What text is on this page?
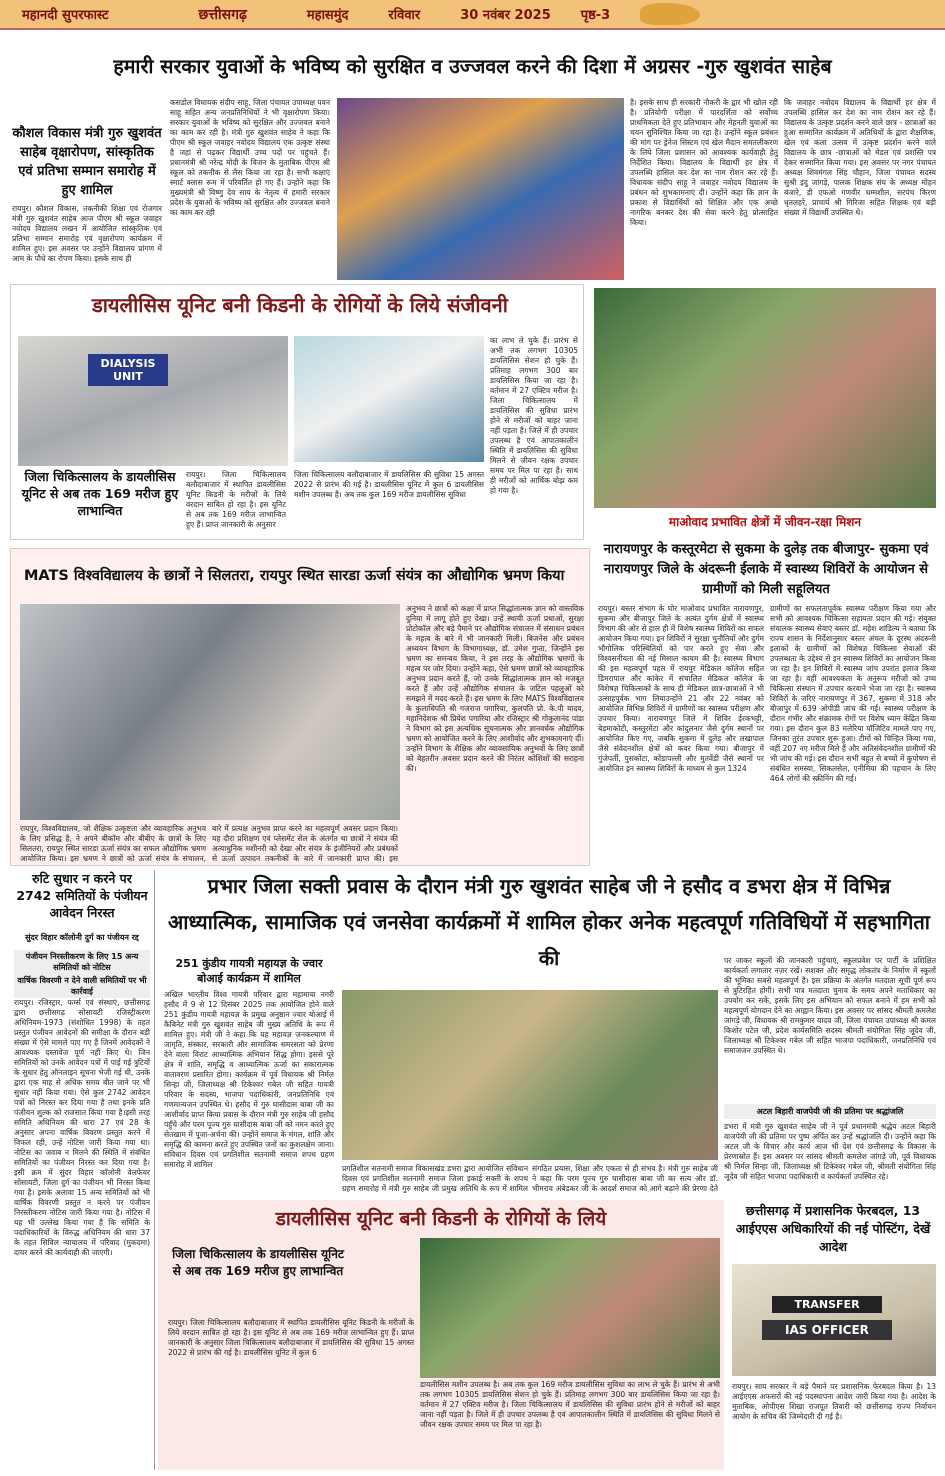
महानदी सुपरफास्ट	छत्तीसगढ़	महासमुंद	रविवार	30 नवंबर 2025 पृष्ठ-3
हमारी सरकार युवाओं के भविष्य को सुरक्षित व उज्जवल करने की दिशा में अग्रसर -गुरु खुशवंत साहेब
कौशल विकास मंत्री गुरु खुशवंत साहेब वृक्षारोपण, सांस्कृतिक एवं प्रतिभा सम्मान समारोह में हुए शामिल
रायपुर। कौशल विकास, तकनीकी शिक्षा एवं रोजगार मंत्री गुरु खुशवंत साहेब आज पीएम श्री स्कूल जवाहर नवोदय विद्यालय लखन में आयोजित सांस्कृतिक एवं प्रतिभा सम्मान समारोह एवं वृक्षारोपण कार्यक्रम में शामिल हुए। इस अवसर पर उन्होंने विद्यालय प्रांगण में आम के पौधे का रोपण किया। इसके साथ ही
कसडोल विधायक संदीप साहू, जिला पंचायत उपाध्यक्ष पवन साहू सहित अन्य जनप्रतिनिधियों ने भी वृक्षारोपण किया। सरकार युवाओं के भविष्य को सुरक्षित और उज्जवल बनाने का काम कर रही है। मंत्री गुरु खुशवंत साहेब ने कहा कि पीएम श्री स्कूल जवाहर नवोदय विद्यालय एक उत्कृष्ट संस्था है जहां से पढ़कर विद्यार्थी उच्च पदों पर पहुंचते हैं। प्रधानमंत्री श्री नरेन्द्र मोदी के विजन के मुताबिक पीएम श्री स्कूल को तकनीक से लैस किया जा रहा है। सभी कक्षाएं स्मार्ट क्लास रूम में परिवर्तित हो गए हैं। उन्होंने कहा कि मुख्यमंत्री श्री विष्णु देव साय के नेतृत्व में हमारी सरकार प्रदेश के युवाओं के भविष्य को सुरक्षित और उज्जवल बनाने का काम कर रही
है। इसके साथ ही सरकारी नौकरी के द्वार भी खोल रही है। प्रतियोगी परीक्षा में पारदर्शिता को सर्वोच्च प्राथमिकता देते हुए प्रतिभावान और मेहनती युवाओं का चयन सुनिश्चित किया जा रहा है। उन्होंने स्कूल प्रबंधन की मांग पर ड्रेनेज सिस्टम एवं खेल मैदान समतलीकरण के लिये जिला प्रशासन को आवश्यक कार्यवाही हेतु निर्देशित किया। विद्यालय के विद्यार्थी हर क्षेत्र में उपलब्धि हासिल कर देश का नाम रोशन कर रहे हैं। विधायक संदीप साहू ने जवाहर नवोदय विद्यालय के प्रबंधन को शुभकामनाएं दी। उन्होंने कहा कि ज्ञान के प्रकाश से विद्यार्थियों को शिक्षित और एक अच्छे नागरिक बनकर देश की सेवा करने हेतु प्रोत्साहित किया।
कि जवाहर नवोदय विद्यालय के विद्यार्थी हर क्षेत्र में उपलब्धि हासिल कर देश का नाम रोशन कर रहे हैं। विद्यालय के उत्कृष्ट प्रदर्शन करने वाले छात्र - छात्राओं का हुआ सम्मानित कार्यक्रम में अतिथियों के द्वारा शैक्षणिक, खेल एवं कला उत्सव में उत्कृष्ट प्रदर्शन करने वाले विद्यालय के छात्र -छात्राओं को मेडल एवं प्रशस्ति पत्र देकर सम्मानित किया गया। इस अवसर पर नगर पंचायत अध्यक्ष शिवमंगल सिंह चौहान, जिला पंचायत सदस्य सुश्री इंदु जांगड़े, पालक शिक्षक संघ के अध्यक्ष मोहन बंजारे, डी एफओ गणवीर धम्मशील, सरपंच किरण धृतलहरे, प्राचार्य श्री गिरिजा सहित शिक्षक एवं बड़ी संख्या में विद्यार्थी उपस्थित थे।
डायलीसिस यूनिट बनी किडनी के रोगियों के लिये संजीवनी
DIALYSIS UNIT
का लाभ ले चुके हैं। प्रारंभ से अभी तक लगभग 10305 डायलिसिस सेशन हो चुके हैं। प्रतिमाह लगभग 300 बार डायलिसिस किया जा रहा है। वर्तमान में 27 एक्टिव मरीज है। जिला चिकित्सालय में डायलिसिस की सुविधा प्रारंभ होने से मरीजों को बाहर जाना नहीं पड़ता है। जिले में ही उपचार उपलब्ध है एवं आपातकालीन स्थिति में डायलिसिस की सुविधा मिलने से जीवन रक्षक उपचार समय पर मिल पा रहा है। साथ ही मरीजों को आर्थिक बोझ कम हो गया है।
जिला चिकित्सालय के डायलीसिस यूनिट से अब तक 169 मरीज हुए लाभान्वित
रायपुर। जिला चिकित्सालय बलौदाबाजार में स्थापित डायलीसिस यूनिट किडनी के मरीजों के लिये वरदान साबित हो रहा है। इस यूनिट से अब तक 169 मरीज लाभान्वित हुए हैं। प्राप्त जानकारी के अनुसार
जिला चिकित्सालय बलौदाबाजार में डायलिसिस की सुविधा 15 अगस्त 2022 से प्रारंभ की गई है। डायलीसिस यूनिट में कुल 6 डायलीसिस मशीन उपलब्ध है। अब तक कुल 169 मरीज डायलीसिस सुविधा
माओवाद प्रभावित क्षेत्रों में जीवन-रक्षा मिशन
नारायणपुर के कस्तूरमेटा से सुकमा के दुलेड़ तक बीजापुर- सुकमा एवं नारायणपुर जिले के अंदरूनी ईलाके में स्वास्थ्य शिविरों के आयोजन से ग्रामीणों को मिली सहूलियत
रायपुर। बस्तर संभाग के घोर माओवाद प्रभावित नारायणपुर, सुकमा और बीजापुर जिले के अत्यंत दुर्गम क्षेत्रों में स्वास्थ्य विभाग की ओर से हाल ही में विशेष स्वास्थ्य शिविरों का सफल आयोजन किया गया। इन शिविरों ने सुरक्षा चुनौतियों और दुर्गम भौगोलिक परिस्थितियों को पार करते हुए सेवा और विश्वसनीयता की नई मिसाल कायम की है। स्वास्थ्य विभाग की इस महत्वपूर्ण पहल में रायपुर मेडिकल कॉलेज सहित डिमरापाल और कांकेर में संचालित मेडिकल कॉलेज के विशेषज्ञ चिकित्सकों के साथ ही मेडिकल छात्र-छात्राओं ने भी उत्साहपूर्वक भाग लियाउन्होंने 21 और 22 नवंबर को आयोजित विभिन्न शिविरों में ग्रामीणों का स्वास्थ्य परीक्षण और उपचार किया। नारायणपुर जिले में शिविर ईरकभट्टी, बेड़माकोटी, कस्तूरमेटा और कांदुलनार जैसे दुर्गम स्थानों पर आयोजित किए गए, जबकि सुकमा में दुलेड़ और लखापाल जैसे संवेदनशील क्षेत्रों को कवर किया गया। बीजापुर में गुंजेपर्ती, पुसकोंटा, कोंडापल्ली और मुतवेंडी जैसे स्थानों पर आयोजित इन स्वास्थ्य शिविरों के माध्यम से कुल 1324
ग्रामीणों का सफलतापूर्वक स्वास्थ्य परीक्षण किया गया और सभी को आवश्यक चिकित्सा सहायता प्रदान की गई। संयुक्त संचालक स्वास्थ्य सेवाएं बस्तर डॉ. महेश शांडिल्य ने बताया कि राज्य शासन के निर्देशानुसार बस्तर अंचल के दूरस्थ अंदरूनी इलाकों के ग्रामीणों को विशेषज्ञ चिकित्सा सेवाओं की उपलब्धता के उद्देश्य से इन स्वास्थ्य शिविरों का आयोजन किया जा रहा है। इन शिविरों में स्वास्थ्य जांच उपरांत इलाज किया जा रहा है। वहीं आवश्यकता के अनुरूप मरीजों को उच्च चिकित्सा संस्थान में उपचार करवाने भेजा जा रहा है। स्वास्थ्य शिविरों के जरिए नारायणपुर में 367, सुकमा में 318 और बीजापुर में 639 ओपीडी जांच की गईं। स्वास्थ्य परीक्षण के दौरान गंभीर और संक्रामक रोगों पर विशेष ध्यान केंद्रित किया गया। इस दौरान कुल 83 मलेरिया पॉजिटिव मामले पाए गए, जिनका तुरंत उपचार शुरू हुआ। टीमों को चिन्हित किया गया, वहीं 207 नए मरीज मिले हैं और अतिसंवेदनशील ग्रामीणों की भी जांच की गई। इस दौरान सभी बहुत से बच्चों में कुपोषण से संबंधित समस्या, सिकलसेल, एनीमिया की पहचान के लिए 464 लोगों की स्क्रीनिंग की गई।
MATS विश्वविद्यालय के छात्रों ने सिलतरा, रायपुर स्थित सारडा ऊर्जा संयंत्र का औद्योगिक भ्रमण किया
रायपुर, विश्वविद्यालय, जो शैक्षिक उत्कृष्टता और व्यावहारिक अनुभव के लिए प्रसिद्ध है, ने अपने बीकॉम और बीबीए के छात्रों के लिए सिलतरा, रायपुर स्थित सारडा ऊर्जा संयंत्र का सफल औद्योगिक भ्रमण आयोजित किया। इस भ्रमण ने छात्रों को ऊर्जा संयंत्र के संचालन,
बारे में प्रत्यक्ष अनुभव प्राप्त करने का महत्वपूर्ण अवसर प्रदान किया।यह दौरा प्रशिक्षण एवं प्लेसमेंट सेल के अंतर्गत था छात्रों ने संयंत्र की अत्याधुनिक मशीनरी को देखा और संयंत्र के इंजीनियरों और प्रबंधकों से ऊर्जा उत्पादन तकनीकों के बारे में जानकारी प्राप्त की। इस
अनुभव ने छात्रों को कक्षा में प्राप्त सिद्धांतात्मक ज्ञान को वास्तविक दुनिया में लागू होते हुए देखा। उन्हें स्थायी ऊर्जा प्रथाओं, सुरक्षा प्रोटोकॉल और बड़े पैमाने पर औद्योगिक संचालन में संसाधन प्रबंधन के महत्व के बारे में भी जानकारी मिली। बिजनेस और प्रबंधन अध्ययन विभाग के विभागाध्यक्ष, डॉ. उमेश गुप्ता, जिन्होंने इस भ्रमण का समन्वय किया, ने इस तरह के औद्योगिक भ्रमणों के महत्व पर जोर दिया। उन्होंने कहा, ऐसे भ्रमण छात्रों को व्यावहारिक अनुभव प्रदान करते हैं, जो उनके सिद्धांतात्मक ज्ञान को मजबूत करते हैं और उन्हें औद्योगिक संचालन के जटिल पहलुओं को समझने में मदद करते हैं। इस भ्रमण के लिए MATS विश्वविद्यालय के कुलाधिपति श्री गजराज पगारिया, कुलपति प्रो. के.पी यादव, महानिदेशक श्री प्रियेश पगारिया और रजिस्ट्रार श्री गोकुलानंद पांडा ने विभाग को इस अत्यधिक सूचनात्मक और ज्ञानवर्धक औद्योगिक भ्रमण को आयोजित करने के लिए आशीर्वाद और शुभकामनाएं दीं। उन्होंने विभाग के शैक्षिक और व्यावसायिक अनुभवों के लिए छात्रों को बेहतरीन अवसर प्रदान करने की निरंतर कोशिशों की सराहना की।
रुटि सुधार न करने पर 2742 समितियों के पंजीयन आवेदन निरस्त
सुंदर विहार कॉलोनी दुर्ग का पंजीयन रद्द
पंजीयन निरस्तीकरण के लिए 15 अन्य समितियों को नोटिस
वार्षिक विवरणी न देने वाली समितियों पर भी कार्रवाई
रायपुर। रजिस्ट्रार, फर्म्स एवं संस्थाएं, छत्तीसगढ़ द्वारा छत्तीसगढ़ सोसायटी रजिस्ट्रीकरण अधिनियम-1973 (संशोधित 1998) के तहत प्रस्तुत पंजीयन आवेदनों की समीक्षा के दौरान बड़ी संख्या में ऐसे मामले पाए गए हैं जिनमें आवेदकों ने आवश्यक दस्तावेज पूर्ण नहीं किए थे। जिन समितियों को उनके आवेदन पत्रों में पाई गई त्रुटियों के सुधार हेतु ऑनलाइन सूचना भेजी गई थी, उनके द्वारा एक माह से अधिक समय बीत जाने पर भी सुधार नहीं किया गया। ऐसे कुल 2742 आवेदन पत्रों को निरस्त कर दिया गया है तथा इनके प्रति पंजीयन शुल्क को राजसात किया गया है।इसी तरह समिति अधिनियम की धारा 27 एवं 28 के अनुसार अपना वार्षिक विवरण प्रस्तुत करने में विफल रही, उन्हें नोटिस जारी किया गया था। नोटिस का जवाब न मिलने की स्थिति में संबंधित समितियों का पंजीयन निरस्त कर दिया गया है। इसी क्रम में सुंदर विहार कॉलोनी वेलफेयर सोसायटी, जिला दुर्ग का पंजीयन भी निरस्त किया गया है। इसके अलावा 15 अन्य समितियों को भी वार्षिक विवरणी प्रस्तुत न करने पर पंजीयन निरस्तीकरण नोटिस जारी किया गया है। नोटिस में यह भी उल्लेख किया गया है कि समिति के पदाधिकारियों के विरुद्ध अधिनियम की धारा 37 के तहत सिविल न्यायालय में परिवाद (मुकदमा) दायर करने की कार्यवाही की जाएगी।
प्रभार जिला सक्ती प्रवास के दौरान मंत्री गुरु खुशवंत साहेब जी ने हसौद व डभरा क्षेत्र में विभिन्न आध्यात्मिक, सामाजिक एवं जनसेवा कार्यक्रमों में शामिल होकर अनेक महत्वपूर्ण गतिविधियों में सहभागिता की
251 कुंडीय गायत्री महायज्ञ के ज्वार बोआई कार्यक्रम में शामिल
अखिल भारतीय विश्व गायत्री परिवार द्वारा महामाया नगरी हसौद में 9 से 12 दिसंबर 2025 तक आयोजित होने वाले 251 कुंडीय गायत्री महायज्ञ के प्रमुख अनुष्ठान ज्वार बोआई में कैबिनेट मंत्री गुरु खुशवंत साहेब जी मुख्य अतिथि के रूप में शामिल हुए। मंत्री जी ने कहा कि यह महायज्ञ जनकल्याण में जागृति, संस्कार, सरकारी और सामाजिक समरसता को प्रेरणा देने वाला विराट आध्यात्मिक अभियान सिद्ध होगा। इससे पूरे क्षेत्र में शांति, समृद्धि व आध्यात्मिक ऊर्जा का सकारात्मक वातावरण प्रसारित होगा। कार्यक्रम में पूर्व विधायक श्री निर्मल सिन्हा जी, जिलाध्यक्ष श्री टिकेश्वर गबेल जी सहित गायत्री परिवार के सदस्य, भाजपा पदाधिकारी, जनप्रतिनिधि एवं गणमान्यजन उपस्थित थे। हसौद में गुरु घासीदास बाबा जी का आशीर्वाद प्राप्त किया प्रवास के दौरान मंत्री गुरु साहेब जी हसौद पहुँचे और परम पूज्य गुरु घासीदास बाबा जी को नमन करते हुए सेतखाम में पूजा-अर्चना की। उन्होंने समाज के मंगल, शांति और समृद्धि की कामना करते हुए उपस्थित जनों का कुशलक्षेम जाना। संविधान दिवस एवं प्रगतिशील सतनामी समाज शपथ ग्रहण समारोह में शामिल	प्रगतिशील सतनामी समाज विकासखंड डभरा द्वारा आयोजित संविधान दिवस एवं प्रगतिशील सतनामी समाज जिला इकाई सक्ती के शपथ ग्रहण समारोह में मंत्री गुरु साहेब जी प्रमुख अतिथि के रूप में शामिल
संगठित प्रयास, शिक्षा और एकता से ही संभव है। मंत्री गुरु साहेब जी ने कहा कि परम पूज्य गुरु घासीदास बाबा जी का सत्य और डॉ. भीमराव अंबेडकर जी के आदर्श समाज को आगे बढ़ाने की प्रेरणा देते
पर जाकर स्कूलों की जानकारी पहुंचाएं, स्कूलप्रवेश पर पार्टी के प्रशिक्षित कार्यकर्ता लगातार नज़र रखें। सशक्त और समृद्ध लोकतंत्र के निर्माण में स्कूलों की भूमिका सबसे महत्वपूर्ण है। इस प्रक्रिया के अंतर्गत मतदाता सूची पूर्ण रूप से त्रुटिरहित होगी। सभी पात्र मतदाता चुनाव के समय अपने मताधिकार का उपयोग कर सकें, इसके लिए इस अभियान को सफल बनाने में हम सभी को महत्वपूर्ण योगदान देने का आह्वान किया। इस अवसर पर सांसद श्रीमती कमलेश जांगड़े जी, विधायक श्री रामकुमार यादव जी, जिला पंचायत उपाध्यक्ष श्री कमल किशोर पटेल जी, प्रदेश कार्यसमिति सदस्य श्रीमती संयोगिता सिंह जूदेव जी, जिलाध्यक्ष श्री टिकेश्वर गबेल जी सहित भाजपा पदाधिकारी, जनप्रतिनिधि एवं समाजजन उपस्थित थे।
अटल बिहारी वाजपेयी जी की प्रतिमा पर श्रद्धांजलि
डभरा में मंत्री गुरु खुशवंत साहेब जी ने पूर्व प्रधानमंत्री श्रद्धेय अटल बिहारी वाजपेयी जी की प्रतिमा पर पुष्प अर्पित कर उन्हें श्रद्धांजलि दी। उन्होंने कहा कि अटल जी के विचार और कार्य आज भी देश एवं छत्तीसगढ़ के विकास के प्रेरणास्रोत हैं। इस अवसर पर सांसद श्रीमती कमलेश जांगड़े जी, पूर्व विधायक श्री निर्मल सिन्हा जी, जिलाध्यक्ष श्री टिकेश्वर गबेल जी, श्रीमती संयोगिता सिंह जूदेव जी सहित भाजपा पदाधिकारी व कार्यकर्ता उपस्थित रहे।
डायलीसिस यूनिट बनी किडनी के रोगियों के लिये
जिला चिकित्सालय के डायलीसिस यूनिट से अब तक 169 मरीज हुए लाभान्वित
रायपुर। जिला चिकित्सालय बलौदाबाजार में स्थापित डायलीसिस यूनिट किडनी के मरीजों के लिये वरदान साबित हो रहा है। इस यूनिट से अब तक 169 मरीज लाभान्वित हुए हैं। प्राप्त जानकारी के अनुसार जिला चिकित्सालय बलौदाबाजार में डायलिसिस की सुविधा 15 अगस्त 2022 से प्रारंभ की गई है। डायलीसिस यूनिट में कुल 6
डायलीसिस मशीन उपलब्ध है। अब तक कुल 169 मरीज डायलीसिस सुविधा का लाभ ले चुके हैं। प्रारंभ से अभी तक लगभग 10305 डायलिसिस सेशन हो चुके हैं। प्रतिमाह लगभग 300 बार डायलिसिस किया जा रहा है। वर्तमान में 27 एक्टिव मरीज है। जिला चिकित्सालय में डायलिसिस की सुविधा प्रारंभ होने से मरीजों को बाहर जाना नहीं पड़ता है। जिले में ही उपचार उपलब्ध है एवं आपातकालीन स्थिति में डायलिसिस की सुविधा मिलने से जीवन रक्षक उपचार समय पर मिल पा रहा है।
छत्तीसगढ़ में प्रशासनिक फेरबदल, 13 आईएएस अधिकारियों की नई पोस्टिंग, देखें आदेश
TRANSFER
IAS OFFICER
रायपुर। साय सरकार ने बड़े पैमाने पर प्रशासनिक फेरबदल किया है। 13 आईएएस अफसरों की नई पदस्थापना आदेश जारी किया गया है। आदेश के मुताबिक, ओपीएस शिखा राजपूत तिवारी को छत्तीसगढ़ राज्य निर्वाचन आयोग के सचिव की जिम्मेदारी दी गई है।
